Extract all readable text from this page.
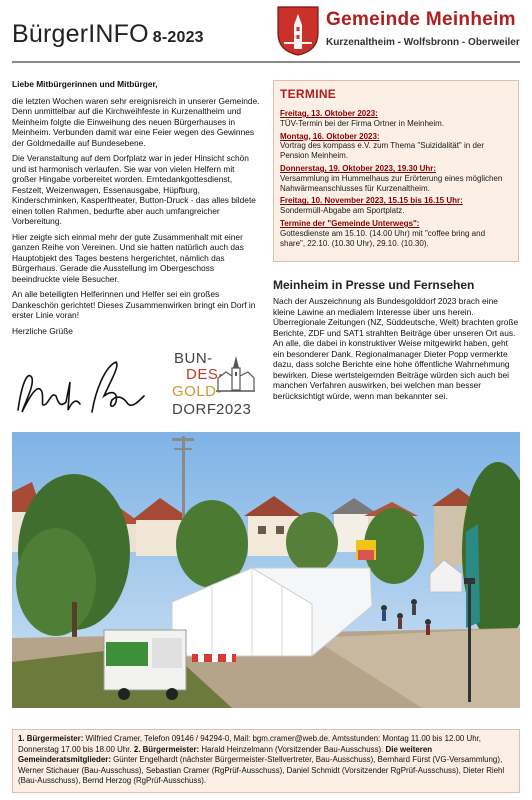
BürgerINFO 8-2023
Gemeinde Meinheim
Kurzenaltheim - Wolfsbronn - Oberweiler

Liebe Mitbürgerinnen und Mitbürger,

die letzten Wochen waren sehr ereignisreich in unserer Gemeinde. Denn unmittelbar auf die Kirchweihfeste in Kurzenaltheim und Meinheim folgte die Einweihung des neuen Bürgerhauses in Meinheim. Verbunden damit war eine Feier wegen des Gewinnes der Goldmedaille auf Bundesebene.

Die Veranstaltung auf dem Dorfplatz war in jeder Hinsicht schön und ist harmonisch verlaufen. Sie war von vielen Helfern mit großer Hingabe vorbereitet worden. Erntedankgottesdienst, Festzelt, Weizenwagen, Essenausgabe, Hüpfburg, Kinderschminken, Kasperltheater, Button-Druck - das alles bildete einen tollen Rahmen, bedurfte aber auch umfangreicher Vorbereitung.

Hier zeigte sich einmal mehr der gute Zusammenhalt mit einer ganzen Reihe von Vereinen. Und sie hatten natürlich auch das Hauptobjekt des Tages bestens hergerichtet, nämlich das Bürgerhaus. Gerade die Ausstellung im Obergeschoss beeindruckte viele Besucher.

An alle beteiligten Helferinnen und Helfer sei ein großes Dankeschön gerichtet! Dieses Zusammenwirken bringt ein Dorf in erster Linie voran!

Herzliche Grüße

BUN-
DES-
GOLD-
DORF 2023
TERMINE
Freitag, 13. Oktober 2023:
TÜV-Termin bei der Firma Ortner in Meinheim.
Montag, 16. Oktober 2023:
Vortrag des kompass e.V. zum Thema "Suizidalität" in der Pension Meinheim.
Donnerstag, 19. Oktober 2023, 19.30 Uhr:
Versammlung im Hummelhaus zur Erörterung eines möglichen Nahwärmeanschlusses für Kurzenaltheim.
Freitag, 10. November 2023, 15.15 bis 16.15 Uhr:
Sondermüll-Abgabe am Sportplatz.
Termine der "Gemeinde Unterwegs":
Gottesdienste am 15.10. (14.00 Uhr) mit "coffee bring and share", 22.10. (10.30 Uhr), 29.10. (10.30).
Meinheim in Presse und Fernsehen
Nach der Auszeichnung als Bundesgolddorf 2023 brach eine kleine Lawine an medialem Interesse über uns herein. Überregionale Zeitungen (NZ, Süddeutsche, Welt) brachten große Berichte, ZDF und SAT1 strahlten Beiträge über unseren Ort aus. An alle, die dabei in konstruktiver Weise mitgewirkt haben, geht ein besonderer Dank. Regionalmanager Dieter Popp vermerkte dazu, dass solche Berichte eine hohe öffentliche Wahrnehmung bewirken. Diese wertsteigernden Beiträge würden sich auch bei manchen Verfahren auswirken, bei welchen man besser berücksichtigt würde, wenn man bekannter sei.
1. Bürgermeister: Wilfried Cramer, Telefon 09146 / 94294-0, Mail: bgm.cramer@web.de. Amtsstunden: Montag 11.00 bis 12.00 Uhr, Donnerstag 17.00 bis 18.00 Uhr. 2. Bürgermeister: Harald Heinzelmann (Vorsitzender Bau-Ausschuss). Die weiteren Gemeinderatsmitglieder: Günter Engelhardt (nächster Bürgermeister-Stellvertreter, Bau-Ausschuss), Bernhard Fürst (VG-Versammlung), Werner Stichauer (Bau-Ausschuss), Sebastian Cramer (RgPrüf-Ausschuss), Daniel Schmidt (Vorsitzender RgPrüf-Ausschuss), Dieter Riehl (Bau-Ausschuss), Bernd Herzog (RgPrüf-Ausschuss).
